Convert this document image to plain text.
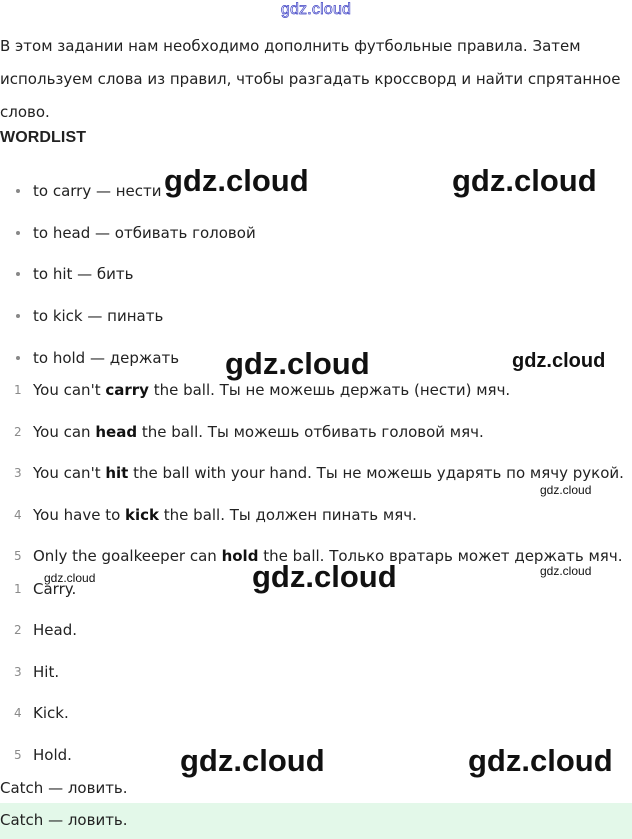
gdz.cloud
В этом задании нам необходимо дополнить футбольные правила. Затем используем слова из правил, чтобы разгадать кроссворд и найти спрятанное слово.
WORDLIST
to carry — нести
to head — отбивать головой
to hit — бить
to kick — пинать
to hold — держать
1 You can't carry the ball. Ты не можешь держать (нести) мяч.
2 You can head the ball. Ты можешь отбивать головой мяч.
3 You can't hit the ball with your hand. Ты не можешь ударять по мячу рукой.
4 You have to kick the ball. Ты должен пинать мяч.
5 Only the goalkeeper can hold the ball. Только вратарь может держать мяч.
1 Carry.
2 Head.
3 Hit.
4 Kick.
5 Hold.
Catch — ловить.
Catch — ловить.
gdz.cloud	gdz.cloud
gdz.cloud	gdz.cloud
gdz.cloud
gdz.cloud
gdz.cloud	gdz.cloud
gdz.cloud	gdz.cloud
